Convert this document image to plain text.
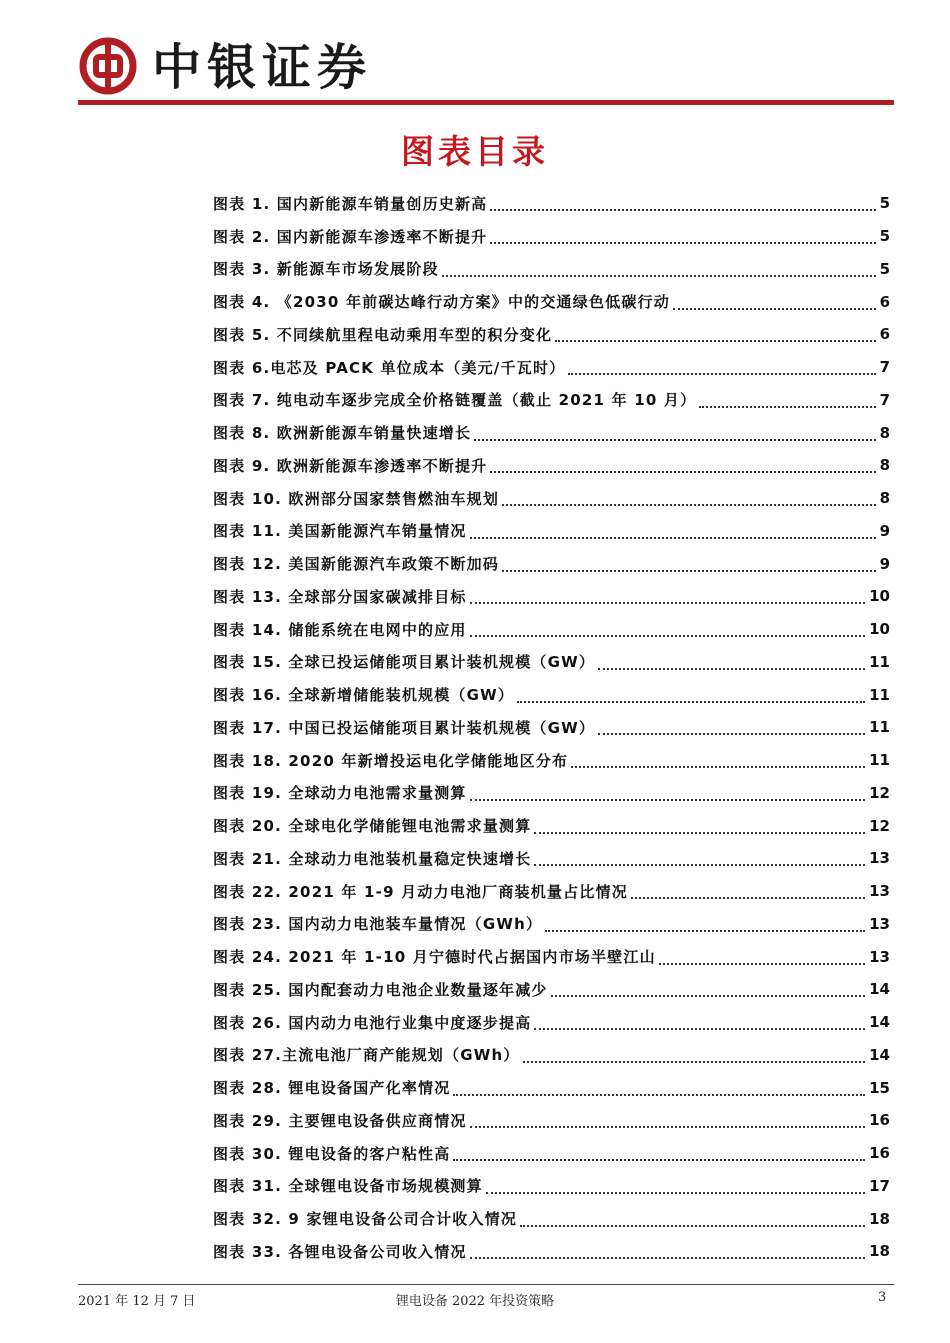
中银证券
图表目录
图表 1. 国内新能源车销量创历史新高	5
图表 2. 国内新能源车渗透率不断提升	5
图表 3. 新能源车市场发展阶段	5
图表 4. 《2030 年前碳达峰行动方案》中的交通绿色低碳行动	6
图表 5. 不同续航里程电动乘用车型的积分变化	6
图表 6.电芯及 PACK 单位成本（美元/千瓦时）	7
图表 7. 纯电动车逐步完成全价格链覆盖（截止 2021 年 10 月）	7
图表 8. 欧洲新能源车销量快速增长	8
图表 9. 欧洲新能源车渗透率不断提升	8
图表 10. 欧洲部分国家禁售燃油车规划	8
图表 11. 美国新能源汽车销量情况	9
图表 12. 美国新能源汽车政策不断加码	9
图表 13. 全球部分国家碳减排目标	10
图表 14. 储能系统在电网中的应用	10
图表 15. 全球已投运储能项目累计装机规模（GW）	11
图表 16. 全球新增储能装机规模（GW）	11
图表 17. 中国已投运储能项目累计装机规模（GW）	11
图表 18. 2020 年新增投运电化学储能地区分布	11
图表 19. 全球动力电池需求量测算	12
图表 20. 全球电化学储能锂电池需求量测算	12
图表 21. 全球动力电池装机量稳定快速增长	13
图表 22. 2021 年 1-9 月动力电池厂商装机量占比情况	13
图表 23. 国内动力电池装车量情况（GWh）	13
图表 24. 2021 年 1-10 月宁德时代占据国内市场半壁江山	13
图表 25. 国内配套动力电池企业数量逐年减少	14
图表 26. 国内动力电池行业集中度逐步提高	14
图表 27.主流电池厂商产能规划（GWh）	14
图表 28. 锂电设备国产化率情况	15
图表 29. 主要锂电设备供应商情况	16
图表 30. 锂电设备的客户粘性高	16
图表 31. 全球锂电设备市场规模测算	17
图表 32. 9 家锂电设备公司合计收入情况	18
图表 33. 各锂电设备公司收入情况	18
2021 年 12 月 7 日	锂电设备 2022 年投资策略	3
